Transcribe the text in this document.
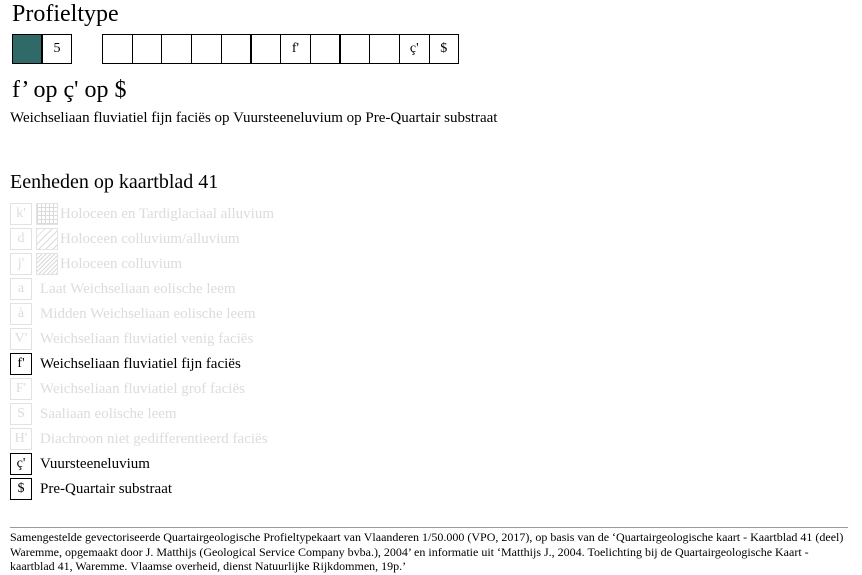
Profieltype
5	f'	ç'	$
f’ op ç' op $
Weichseliaan fluviatiel fijn faciës op Vuursteeneluvium op Pre-Quartair substraat
Eenheden op kaartblad 41
k'	Holoceen en Tardiglaciaal alluvium
d	Holoceen colluvium/alluvium
j'	Holoceen colluvium
a	Laat Weichseliaan eolische leem
à	Midden Weichseliaan eolische leem
V' Weichseliaan fluviatiel venig faciës
f'	Weichseliaan fluviatiel fijn faciës
F' Weichseliaan fluviatiel grof faciës
S	Saaliaan eolische leem
H' Diachroon niet gedifferentieerd faciës
ç' Vuursteeneluvium
$	Pre-Quartair substraat
Samengestelde gevectoriseerde Quartairgeologische Profieltypekaart van Vlaanderen 1/50.000 (VPO, 2017), op basis van de ‘Quartairgeologische kaart - Kaartblad 41 (deel) Waremme, opgemaakt door J. Matthijs (Geological Service Company bvba.), 2004’ en informatie uit ‘Matthijs J., 2004. Toelichting bij de Quartairgeologische Kaart - kaartblad 41, Waremme. Vlaamse overheid, dienst Natuurlijke Rijkdommen, 19p.’
